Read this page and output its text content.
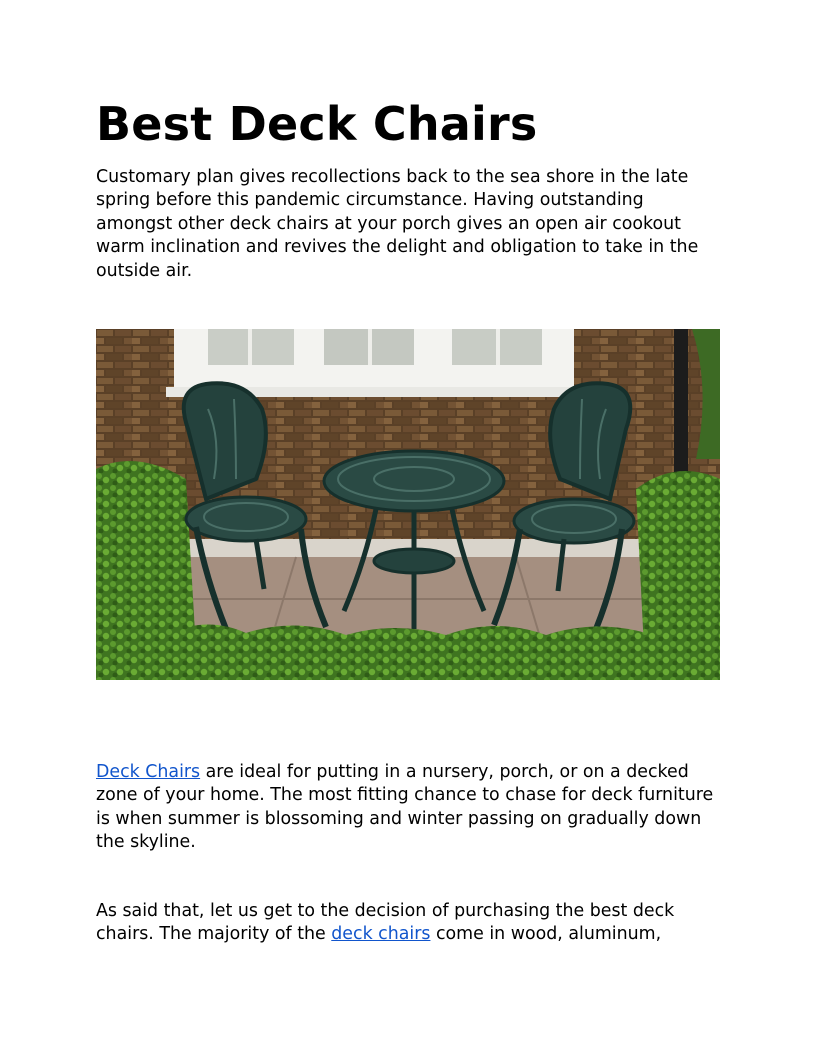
Best Deck Chairs

Customary plan gives recollections back to the sea shore in the late spring before this pandemic circumstance. Having outstanding amongst other deck chairs at your porch gives an open air cookout warm inclination and revives the delight and obligation to take in the outside air.

Deck Chairs are ideal for putting in a nursery, porch, or on a decked zone of your home. The most fitting chance to chase for deck furniture is when summer is blossoming and winter passing on gradually down the skyline.

As said that, let us get to the decision of purchasing the best deck chairs. The majority of the deck chairs come in wood, aluminum,
